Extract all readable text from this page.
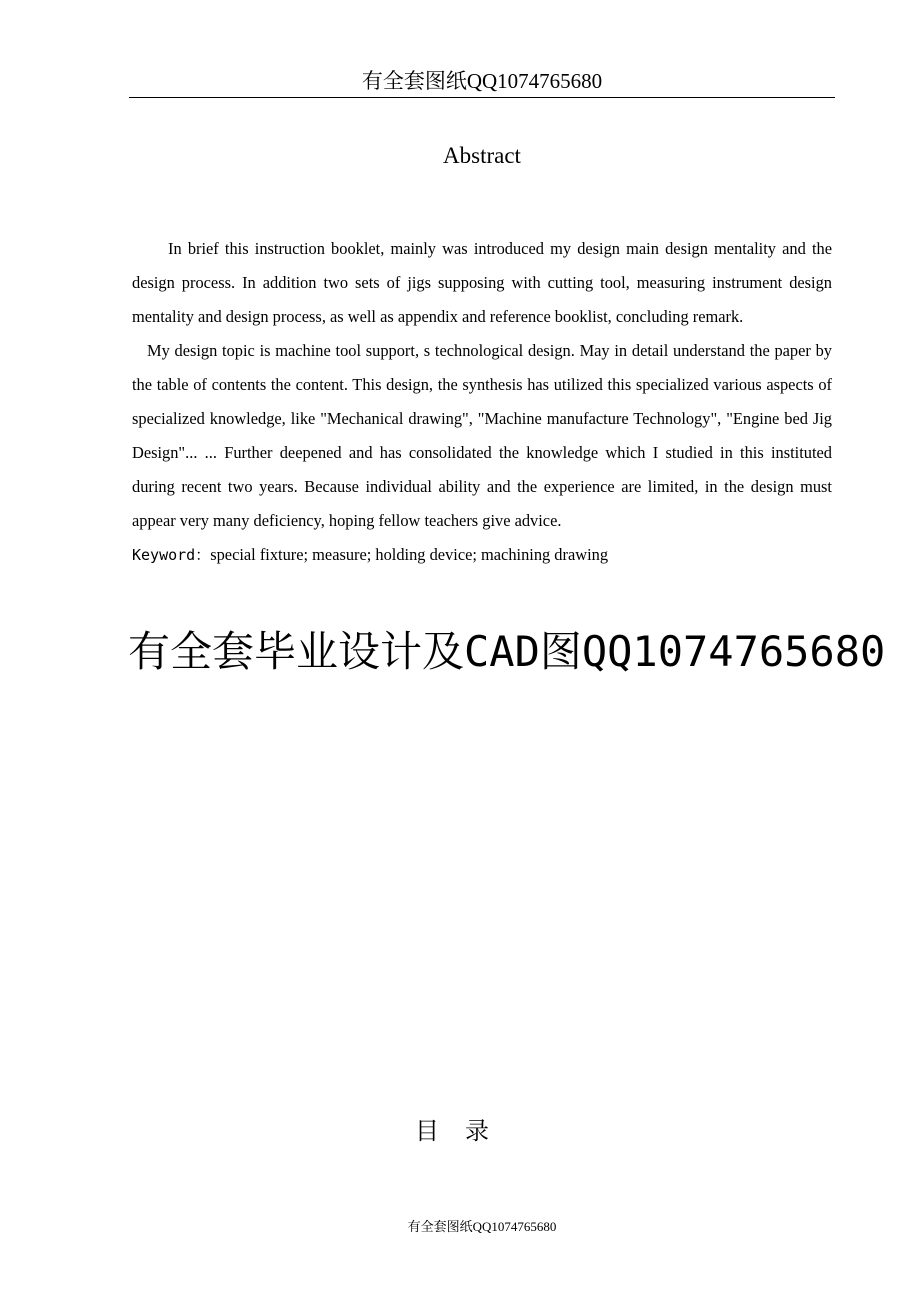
有全套图纸QQ1074765680
Abstract

In brief this instruction booklet, mainly was introduced my design main design mentality and the design process. In addition two sets of jigs supposing with cutting tool, measuring instrument design mentality and design process, as well as appendix and reference booklist, concluding remark.

My design topic is machine tool support, s technological design. May in detail understand the paper by the table of contents the content. This design, the synthesis has utilized this specialized various aspects of specialized knowledge, like "Mechanical drawing", "Machine manufacture Technology", "Engine bed Jig Design"... ... Further deepened and has consolidated the knowledge which I studied in this instituted during recent two years. Because individual ability and the experience are limited, in the design must appear very many deficiency, hoping fellow teachers give advice.

Keyword：special fixture; measure; holding device; machining drawing

有全套毕业设计及CAD图QQ1074765680
目录
有全套图纸QQ1074765680
